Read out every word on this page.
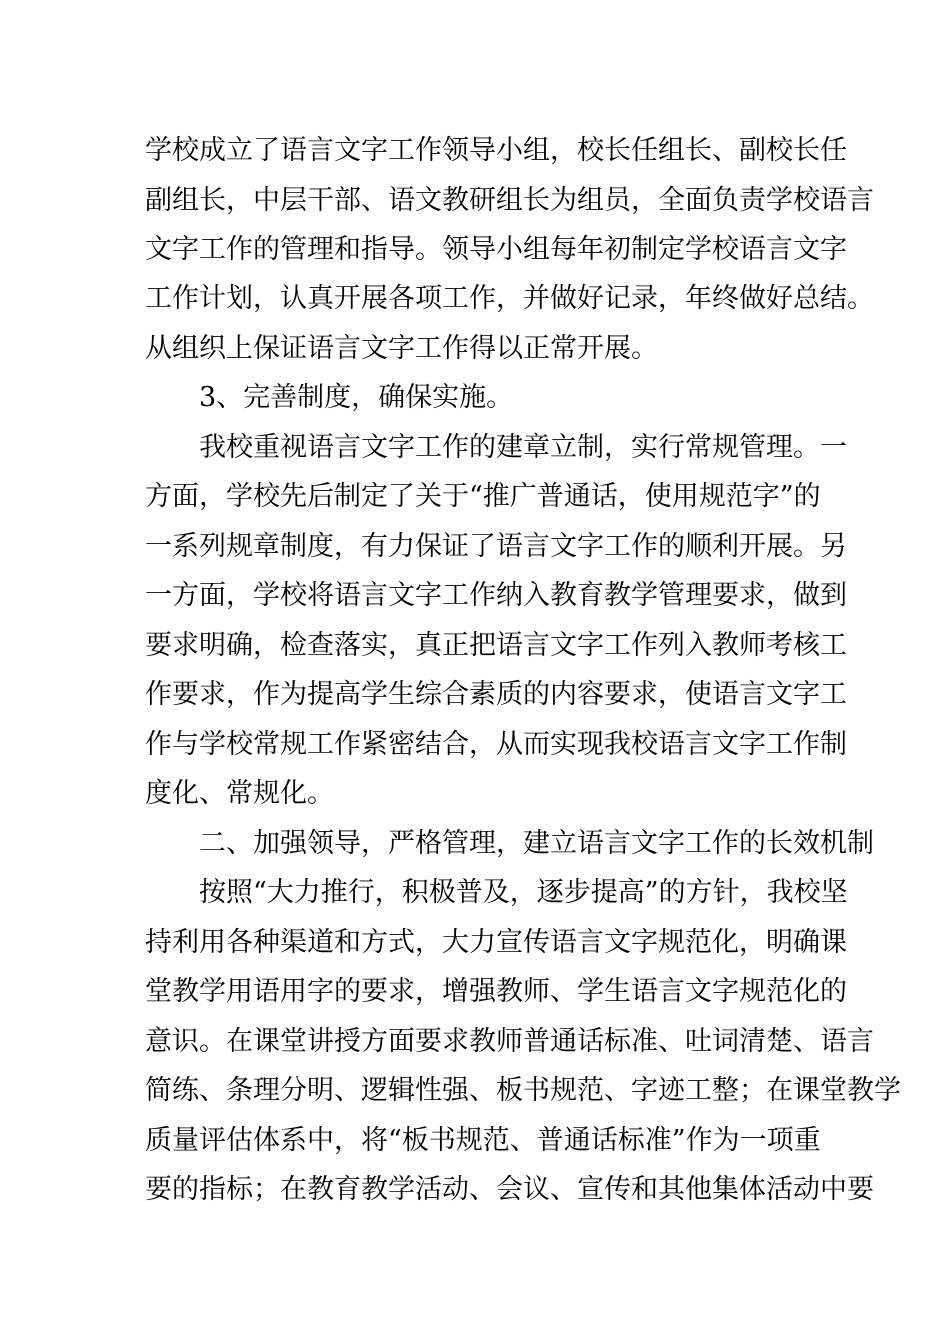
学校成立了语言文字工作领导小组，校长任组长、副校长任
副组长，中层干部、语文教研组长为组员，全面负责学校语言
文字工作的管理和指导。领导小组每年初制定学校语言文字
工作计划，认真开展各项工作，并做好记录，年终做好总结。
从组织上保证语言文字工作得以正常开展。
3、完善制度，确保实施。
我校重视语言文字工作的建章立制，实行常规管理。一
方面，学校先后制定了关于“推广普通话，使用规范字”的
一系列规章制度，有力保证了语言文字工作的顺利开展。另
一方面，学校将语言文字工作纳入教育教学管理要求，做到
要求明确，检查落实，真正把语言文字工作列入教师考核工
作要求，作为提高学生综合素质的内容要求，使语言文字工
作与学校常规工作紧密结合，从而实现我校语言文字工作制
度化、常规化。
二、加强领导，严格管理，建立语言文字工作的长效机制
按照“大力推行，积极普及，逐步提高”的方针，我校坚
持利用各种渠道和方式，大力宣传语言文字规范化，明确课
堂教学用语用字的要求，增强教师、学生语言文字规范化的
意识。在课堂讲授方面要求教师普通话标准、吐词清楚、语言
简练、条理分明、逻辑性强、板书规范、字迹工整；在课堂教学
质量评估体系中，将“板书规范、普通话标准”作为一项重
要的指标；在教育教学活动、会议、宣传和其他集体活动中要
